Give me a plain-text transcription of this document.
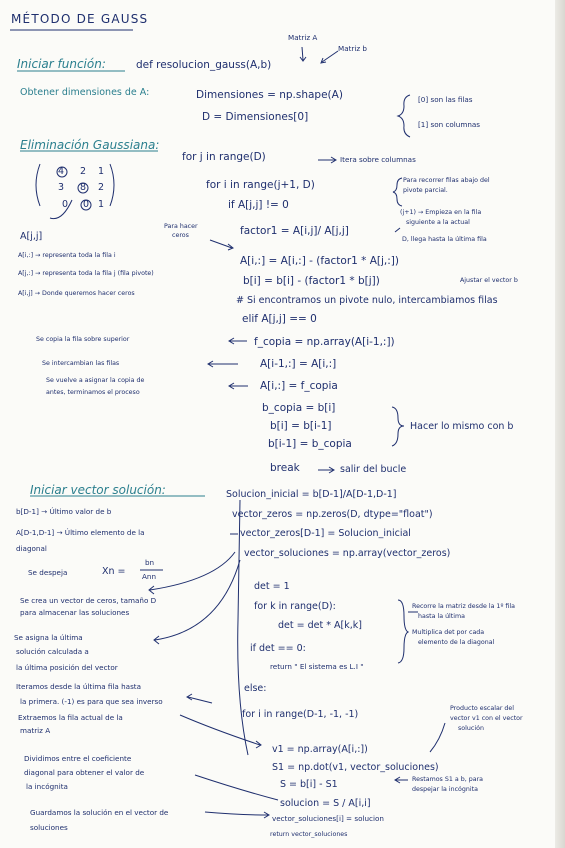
MÉTODO DE GAUSS
Matriz A
Matriz b
Iniciar función:	def resolucion_gauss(A,b)
Obtener dimensiones de A:	Dimensiones = np.shape(A)
D = Dimensiones[0]
[0] son las filas
[1] son columnas
Eliminación Gaussiana:
for j in range(D)	Itera sobre columnas
4 2 1
3 8 2
0 0 1
A[j,j]
for i in range(j+1, D)	Para recorrer filas abajo del
pivote parcial.
if A[j,j] != 0
(j+1) → Empieza en la fila
siguiente a la actual
D, llega hasta la última fila
Para hacer
ceros	factor1 = A[i,j]/ A[j,j]
A[i,:] = A[i,:] - (factor1 * A[j,:])
b[i] = b[i] - (factor1 * b[j])	Ajustar el vector b
A[i,:] → representa toda la fila i
A[j,:] → representa toda la fila j (fila pivote)
A[i,j] → Donde queremos hacer ceros
# Si encontramos un pivote nulo, intercambiamos filas
elif A[j,j] == 0
Se copia la fila sobre superior
Se intercambian las filas
Se vuelve a asignar la copia de
antes, terminamos el proceso
f_copia = np.array(A[i-1,:])
A[i-1,:] = A[i,:]
A[i,:] = f_copia
b_copia = b[i]
b[i] = b[i-1]
b[i-1] = b_copia
Hacer lo mismo con b
break	salir del bucle
Iniciar vector solución:	Solucion_inicial = b[D-1]/A[D-1,D-1]
vector_zeros = np.zeros(D, dtype="float")
vector_zeros[D-1] = Solucion_inicial
vector_soluciones = np.array(vector_zeros)
b[D-1] → Último valor de b
A[D-1,D-1] → Último elemento de la
diagonal
Se despeja	Xn =
bn
Ann
Se crea un vector de ceros, tamaño D
para almacenar las soluciones
det = 1
for k in range(D):
det = det * A[k,k]
Recorre la matriz desde la 1º fila
hasta la última
Multiplica det por cada
elemento de la diagonal
Se asigna la última
solución calculada a
la última posición del vector
if det == 0:
return " El sistema es L.I "
else:
Iteramos desde la última fila hasta
la primera. (-1) es para que sea inverso
Extraemos la fila actual de la
matriz A
for i in range(D-1, -1, -1)
Producto escalar del
vector v1 con el vector
solución
v1 = np.array(A[i,:])
S1 = np.dot(v1, vector_soluciones)
S = b[i] - S1
solucion = S / A[i,i]
vector_soluciones[i] = solucion
return vector_soluciones
Restamos S1 a b, para
despejar la incógnita
Dividimos entre el coeficiente
diagonal para obtener el valor de
la incógnita
Guardamos la solución en el vector de
soluciones
